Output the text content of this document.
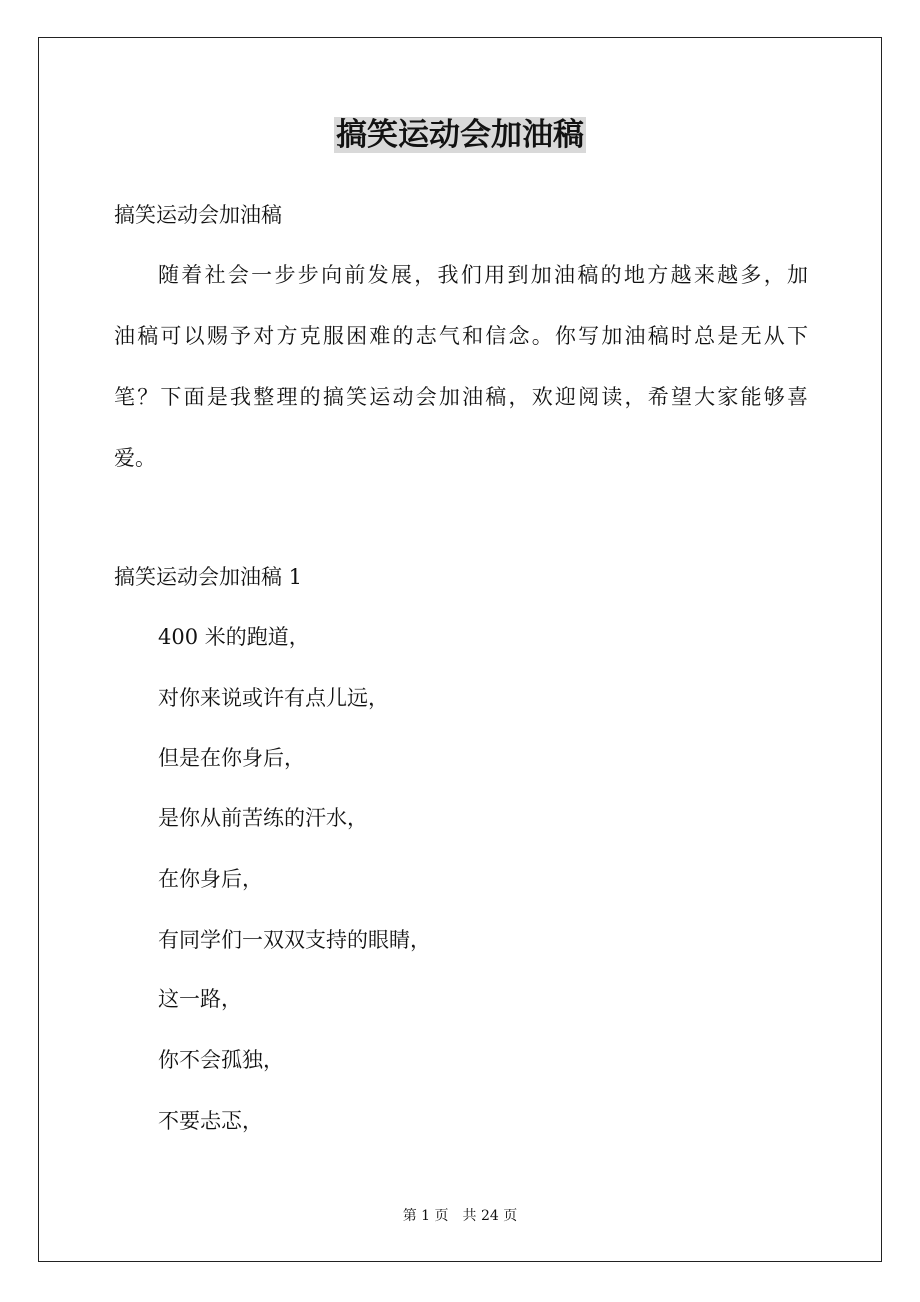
搞笑运动会加油稿
搞笑运动会加油稿
随着社会一步步向前发展，我们用到加油稿的地方越来越多，加
油稿可以赐予对方克服困难的志气和信念。你写加油稿时总是无从下
笔？下面是我整理的搞笑运动会加油稿，欢迎阅读，希望大家能够喜
爱。
搞笑运动会加油稿 1
400 米的跑道，
对你来说或许有点儿远，
但是在你身后，
是你从前苦练的汗水，
在你身后，
有同学们一双双支持的眼睛，
这一路，
你不会孤独，
不要忐忑，
第 1 页 共 24 页
